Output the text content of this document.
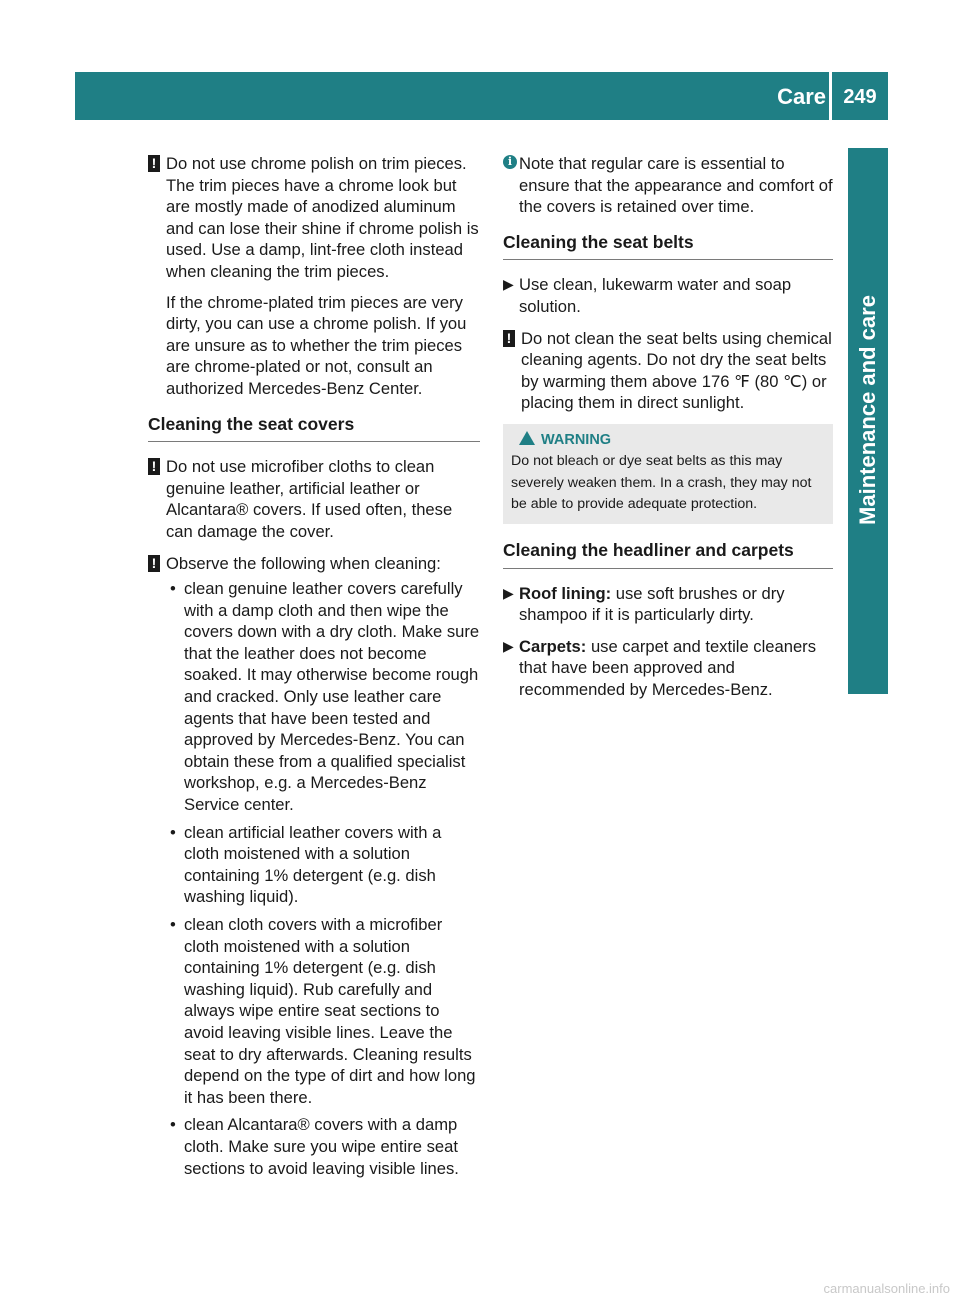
Care 249
Maintenance and care
! Do not use chrome polish on trim pieces. The trim pieces have a chrome look but are mostly made of anodized aluminum and can lose their shine if chrome polish is used. Use a damp, lint-free cloth instead when cleaning the trim pieces.

If the chrome-plated trim pieces are very dirty, you can use a chrome polish. If you are unsure as to whether the trim pieces are chrome-plated or not, consult an authorized Mercedes-Benz Center.

Cleaning the seat covers
! Do not use microfiber cloths to clean genuine leather, artificial leather or Alcantara® covers. If used often, these can damage the cover.

! Observe the following when cleaning:

• clean genuine leather covers carefully with a damp cloth and then wipe the covers down with a dry cloth. Make sure that the leather does not become soaked. It may otherwise become rough and cracked. Only use leather care agents that have been tested and approved by Mercedes-Benz. You can obtain these from a qualified specialist workshop, e.g. a Mercedes-Benz Service center.
• clean artificial leather covers with a cloth moistened with a solution containing 1% detergent (e.g. dish washing liquid).
• clean cloth covers with a microfiber cloth moistened with a solution containing 1% detergent (e.g. dish washing liquid). Rub carefully and always wipe entire seat sections to avoid leaving visible lines. Leave the seat to dry afterwards. Cleaning results depend on the type of dirt and how long it has been there.
• clean Alcantara® covers with a damp cloth. Make sure you wipe entire seat sections to avoid leaving visible lines.
i Note that regular care is essential to ensure that the appearance and comfort of the covers is retained over time.

Cleaning the seat belts
▶ Use clean, lukewarm water and soap solution.

! Do not clean the seat belts using chemical cleaning agents. Do not dry the seat belts by warming them above 176 ℉ (80 ℃) or placing them in direct sunlight.

WARNING

Do not bleach or dye seat belts as this may severely weaken them. In a crash, they may not be able to provide adequate protection.

Cleaning the headliner and carpets
▶ Roof lining: use soft brushes or dry shampoo if it is particularly dirty.

▶ Carpets: use carpet and textile cleaners that have been approved and recommended by Mercedes-Benz.

carmanualsonline.info
